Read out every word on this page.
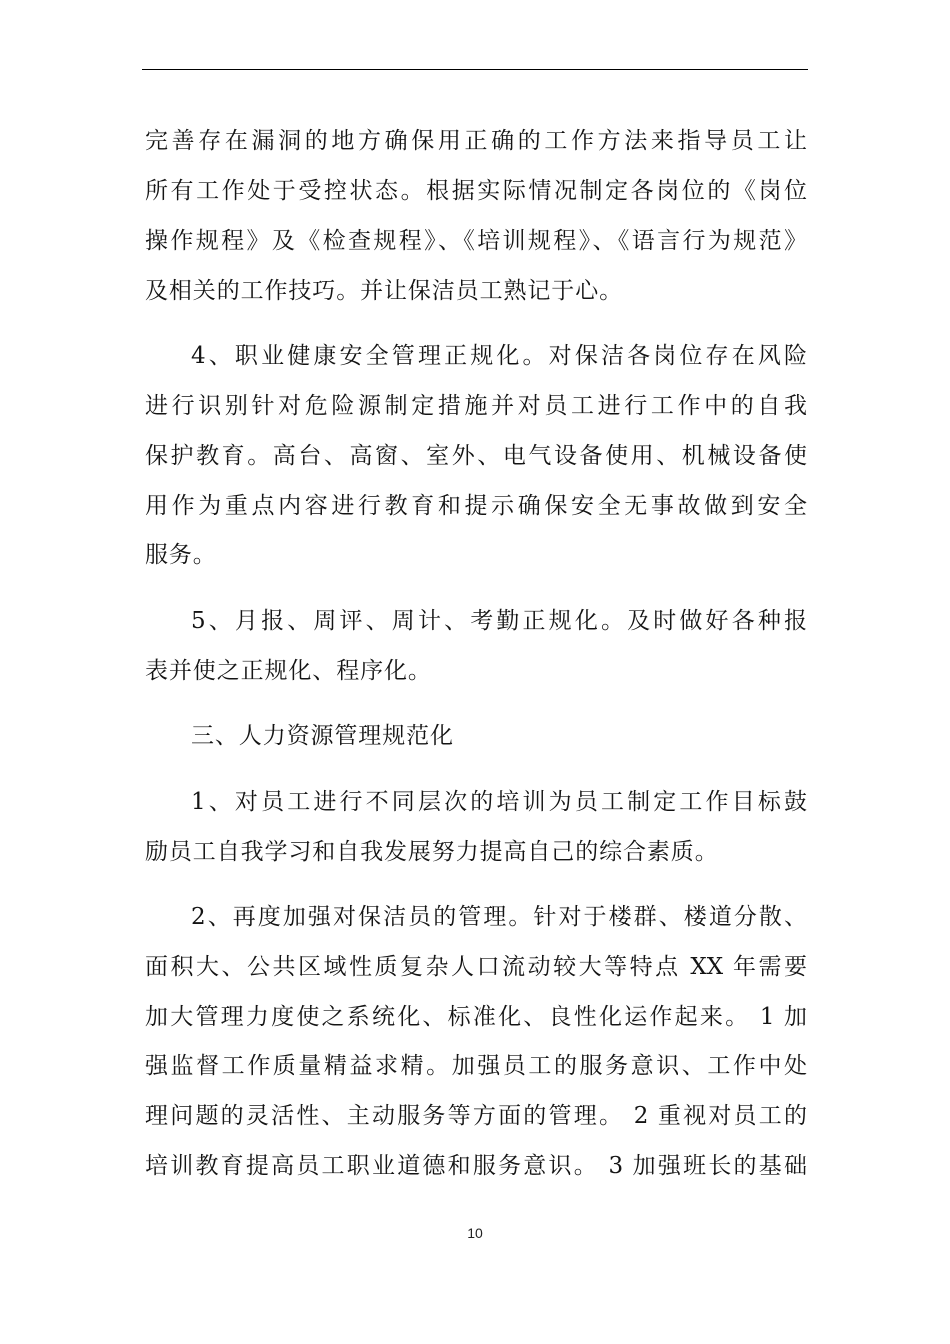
完善存在漏洞的地方确保用正确的工作方法来指导员工让
所有工作处于受控状态。根据实际情况制定各岗位的《岗位
操作规程》及《检查规程》、《培训规程》、《语言行为规范》
及相关的工作技巧。并让保洁员工熟记于心。
4、职业健康安全管理正规化。对保洁各岗位存在风险
进行识别针对危险源制定措施并对员工进行工作中的自我
保护教育。高台、高窗、室外、电气设备使用、机械设备使
用作为重点内容进行教育和提示确保安全无事故做到安全
服务。
5、月报、周评、周计、考勤正规化。及时做好各种报
表并使之正规化、程序化。
三、人力资源管理规范化
1、对员工进行不同层次的培训为员工制定工作目标鼓
励员工自我学习和自我发展努力提高自己的综合素质。
2、再度加强对保洁员的管理。针对于楼群、楼道分散、
面积大、公共区域性质复杂人口流动较大等特点 XX 年需要
加大管理力度使之系统化、标准化、良性化运作起来。 1 加
强监督工作质量精益求精。加强员工的服务意识、工作中处
理问题的灵活性、主动服务等方面的管理。 2 重视对员工的
培训教育提高员工职业道德和服务意识。 3 加强班长的基础
10
